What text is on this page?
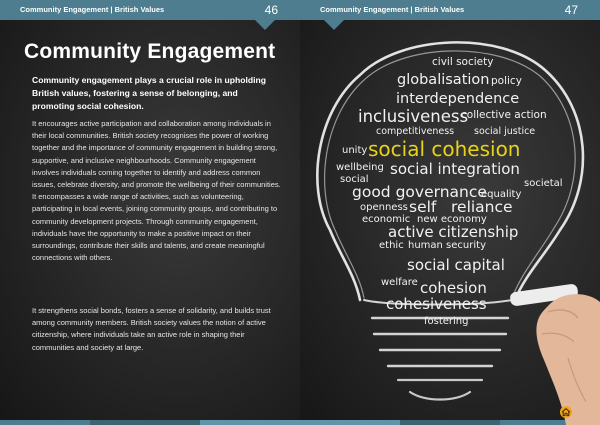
Community Engagement | British Values	46
Community Engagement

Community engagement plays a crucial role in upholding British values, fostering a sense of belonging, and promoting social cohesion.

It encourages active participation and collaboration among individuals in their local communities. British society recognises the power of working together and the importance of community engagement in building strong, supportive, and inclusive neighbourhoods. Community engagement involves individuals coming together to identify and address common issues, celebrate diversity, and promote the wellbeing of their communities. It encompasses a wide range of activities, such as volunteering, participating in local events, joining community groups, and contributing to community development projects. Through community engagement, individuals have the opportunity to make a positive impact on their surroundings, contribute their skills and talents, and create meaningful connections with others.

It strengthens social bonds, fosters a sense of solidarity, and builds trust among community members. British society values the notion of active citizenship, where individuals take an active role in shaping their communities and society at large.

Community Engagement | British Values	47
civil society
globalisation policy
interdependence
inclusiveness
collective action
competitiveness social justice
unity social cohesion
wellbeing social integration
social	societal
good governance
equality
openness self reliance
economic new economy
active citizenship
ethic human security
social capital
welfare cohesion
cohesiveness
fostering
